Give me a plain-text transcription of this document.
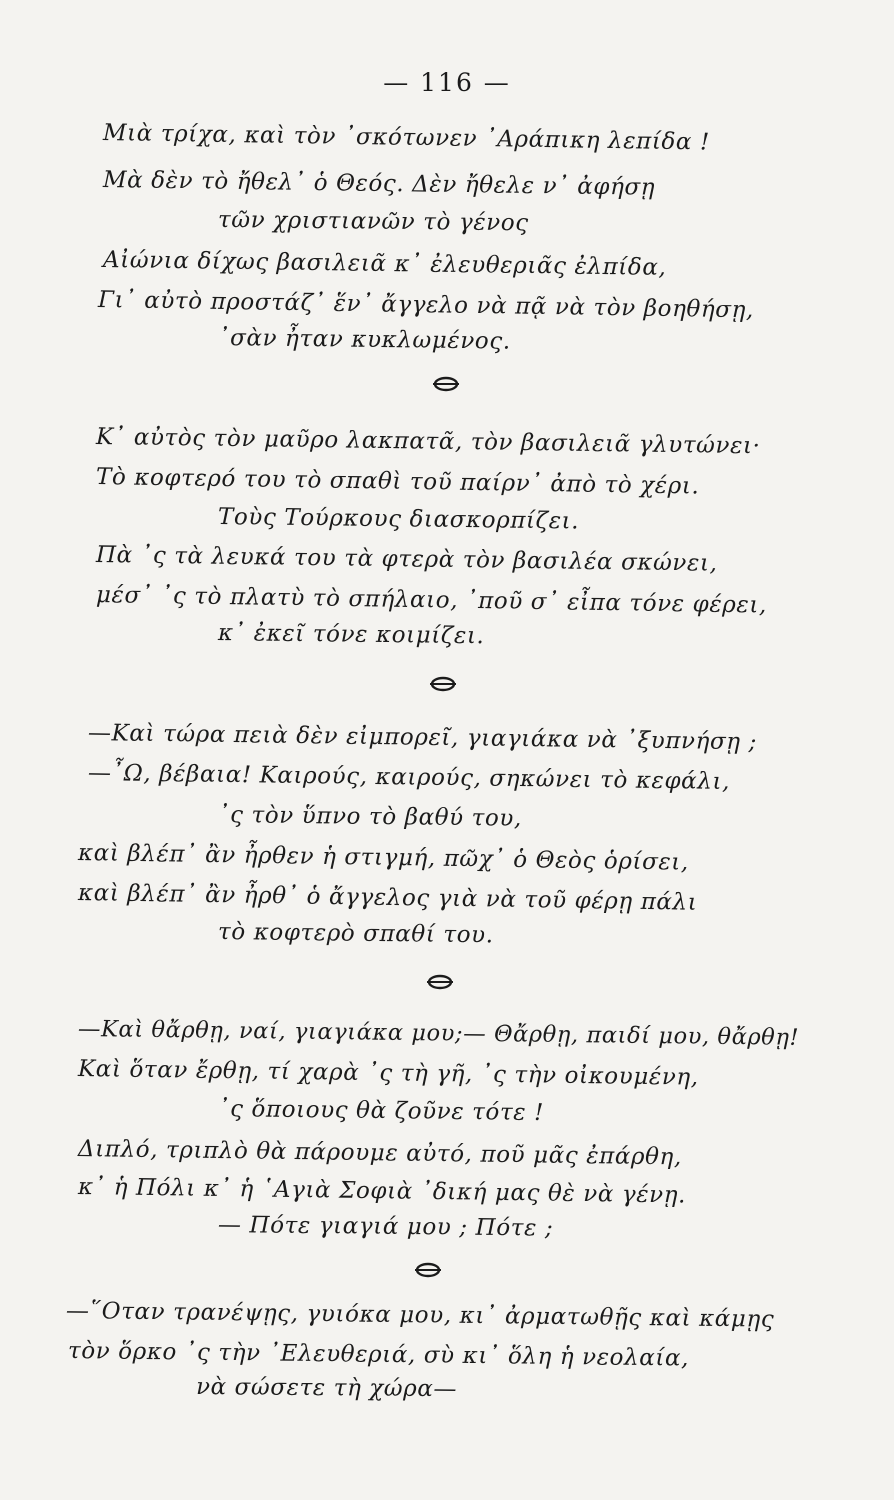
— 116 —
Μιὰ τρίχα, καὶ τὸν ᾿σκότωνεν ᾿Αράπικη λεπίδα !
Μὰ δὲν τὸ ἤθελ᾿ ὁ Θεός. Δὲν ἤθελε ν᾿ ἀφήσῃ
τῶν χριστιανῶν τὸ γένος
Αἰώνια δίχως βασιλειᾶ κ᾿ ἐλευθεριᾶς ἐλπίδα,
Γι᾿ αὐτὸ προστάζ᾿ ἕν᾿ ἄγγελο νὰ πᾷ νὰ τὸν βοηθήσῃ,
᾿σὰν ἦταν κυκλωμένος.
Κ᾿ αὐτὸς τὸν μαῦρο λακπατᾶ, τὸν βασιλειᾶ γλυτώνει·
Τὸ κοφτερό του τὸ σπαθὶ τοῦ παίρν᾿ ἀπὸ τὸ χέρι.
Τοὺς Τούρκους διασκορπίζει.
Πὰ ᾿ς τὰ λευκά του τὰ φτερὰ τὸν βασιλέα σκώνει,
μέσ᾿ ᾿ς τὸ πλατὺ τὸ σπήλαιο, ᾿ποῦ σ᾿ εἶπα τόνε φέρει,
κ᾿ ἐκεῖ τόνε κοιμίζει.
—Καὶ τώρα πειὰ δὲν εἰμπορεῖ, γιαγιάκα νὰ ᾿ξυπνήσῃ ;
—῏Ω, βέβαια! Καιρούς, καιρούς, σηκώνει τὸ κεφάλι,
᾿ς τὸν ὕπνο τὸ βαθύ του,
καὶ βλέπ᾿ ἂν ἦρθεν ἡ στιγμή, πῶχ᾿ ὁ Θεὸς ὁρίσει,
καὶ βλέπ᾿ ἂν ἦρθ᾿ ὁ ἄγγελος γιὰ νὰ τοῦ φέρῃ πάλι
τὸ κοφτερὸ σπαθί του.
—Καὶ θἄρθῃ, ναί, γιαγιάκα μου;— Θἄρθῃ, παιδί μου, θἄρθῃ!
Καὶ ὅταν ἔρθῃ, τί χαρὰ ᾿ς τὴ γῆ, ᾿ς τὴν οἰκουμένη,
᾿ς ὅποιους θὰ ζοῦνε τότε !
Διπλό, τριπλὸ θὰ πάρουμε αὐτό, ποῦ μᾶς ἐπάρθη,
κ᾿ ἡ Πόλι κ᾿ ἡ ῾Αγιὰ Σοφιὰ ᾿δική μας θὲ νὰ γένῃ.
— Πότε γιαγιά μου ; Πότε ;
—῞Οταν τρανέψῃς, γυιόκα μου, κι᾿ ἀρματωθῇς καὶ κάμῃς
τὸν ὅρκο ᾿ς τὴν ᾿Ελευθεριά, σὺ κι᾿ ὅλη ἡ νεολαία,
νὰ σώσετε τὴ χώρα—
